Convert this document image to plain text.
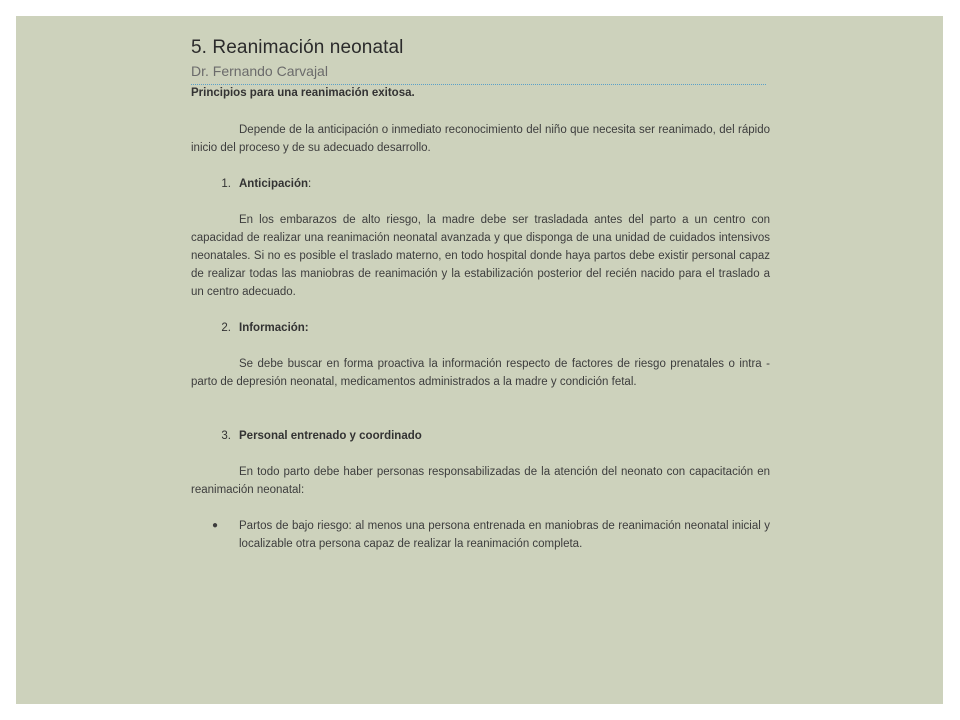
5. Reanimación neonatal
Dr. Fernando Carvajal
Principios para una reanimación exitosa.

Depende de la anticipación o inmediato reconocimiento del niño que necesita ser reanimado, del rápido inicio del proceso y de su adecuado desarrollo.

1. Anticipación:

En los embarazos de alto riesgo, la madre debe ser trasladada antes del parto a un centro con capacidad de realizar una reanimación neonatal avanzada y que disponga de una unidad de cuidados intensivos neonatales. Si no es posible el traslado materno, en todo hospital donde haya partos debe existir personal capaz de realizar todas las maniobras de reanimación y la estabilización posterior del recién nacido para el traslado a un centro adecuado.

2. Información:

Se debe buscar en forma proactiva la información respecto de factores de riesgo prenatales o intra - parto de depresión neonatal, medicamentos administrados a la madre y condición fetal.

3. Personal entrenado y coordinado

En todo parto debe haber personas responsabilizadas de la atención del neonato con capacitación en reanimación neonatal:

●	Partos de bajo riesgo: al menos una persona entrenada en maniobras de reanimación neonatal inicial y localizable otra persona capaz de realizar la reanimación completa.
